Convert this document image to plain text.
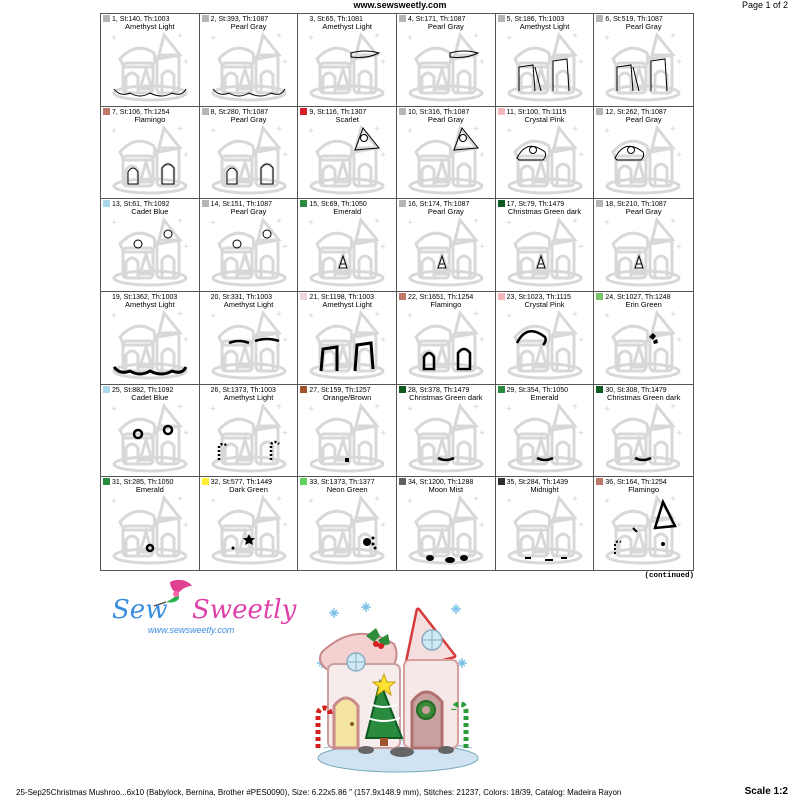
www.sewsweetly.com	Page 1 of 2
1, St:140, Th:1003
Amethyst Light
2, St:393, Th:1087
Pearl Gray
3, St:65, Th:1081
Amethyst Light
4, St:171, Th:1087
Pearl Gray
5, St:186, Th:1003
Amethyst Light
6, St:519, Th:1087
Pearl Gray
7, St:106, Th:1254
Flamingo
8, St:280, Th:1087
Pearl Gray
9, St:116, Th:1307
Scarlet
10, St:316, Th:1087
Pearl Gray
11, St:100, Th:1115
Crystal Pink
12, St:262, Th:1087
Pearl Gray
13, St:61, Th:1092
Cadet Blue
14, St:151, Th:1087
Pearl Gray
15, St:69, Th:1050
Emerald
16, St:174, Th:1087
Pearl Gray
17, St:79, Th:1479
Christmas Green dark
18, St:210, Th:1087
Pearl Gray
19, St:1362, Th:1003
Amethyst Light
20, St:331, Th:1003
Amethyst Light
21, St:1198, Th:1003
Amethyst Light
22, St:1651, Th:1254
Flamingo
23, St:1023, Th:1115
Crystal Pink
24, St:1027, Th:1248
Erin Green
25, St:882, Th:1092
Cadet Blue
26, St:1373, Th:1003
Amethyst Light
27, St:159, Th:1257
Orange/Brown
28, St:378, Th:1479
Christmas Green dark
29, St:354, Th:1050
Emerald
30, St:308, Th:1479
Christmas Green dark
31, St:285, Th:1050
Emerald
32, St:577, Th:1449
Dark Green
33, St:1373, Th:1377
Neon Green
34, St:1200, Th:1288
Moon Mist
35, St:284, Th:1439
Midnight
36, St:164, Th:1254
Flamingo
(continued)
Sew Sweetly
www.sewsweetly.com
25-Sep25Christmas Mushroo...6x10 (Babylock, Bernina, Brother #PES0090), Size: 6.22x5.86 " (157.9x148.9 mm), Stitches: 21237, Colors: 18/39, Catalog: Madeira Rayon	Scale 1:2
